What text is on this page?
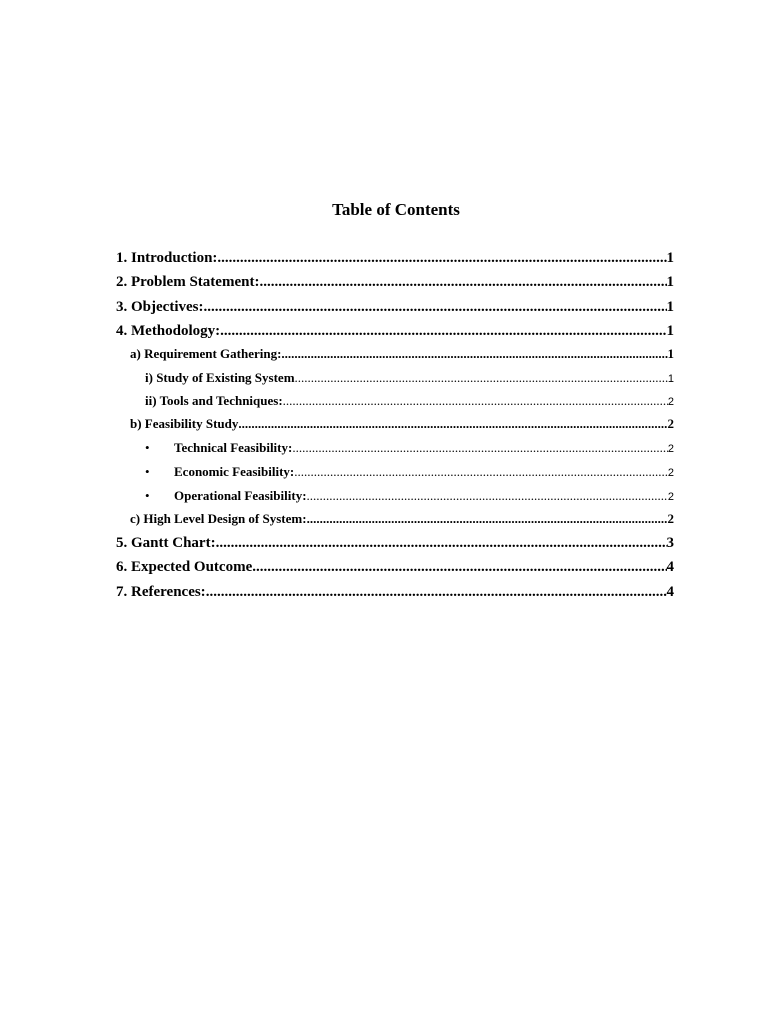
Table of Contents
1. Introduction: .....	1
2. Problem Statement: .....	1
3. Objectives: .....	1
4. Methodology: .....	1
a) Requirement Gathering: .....	1
i) Study of Existing System .....	1
ii) Tools and Techniques: .....	2
b) Feasibility Study .....	2
•	Technical Feasibility: .....	2
•	Economic Feasibility: .....	2
•	Operational Feasibility: .....	2
c) High Level Design of System: .....	2
5. Gantt Chart: .....	3
6. Expected Outcome .....	4
7. References: .....	4
